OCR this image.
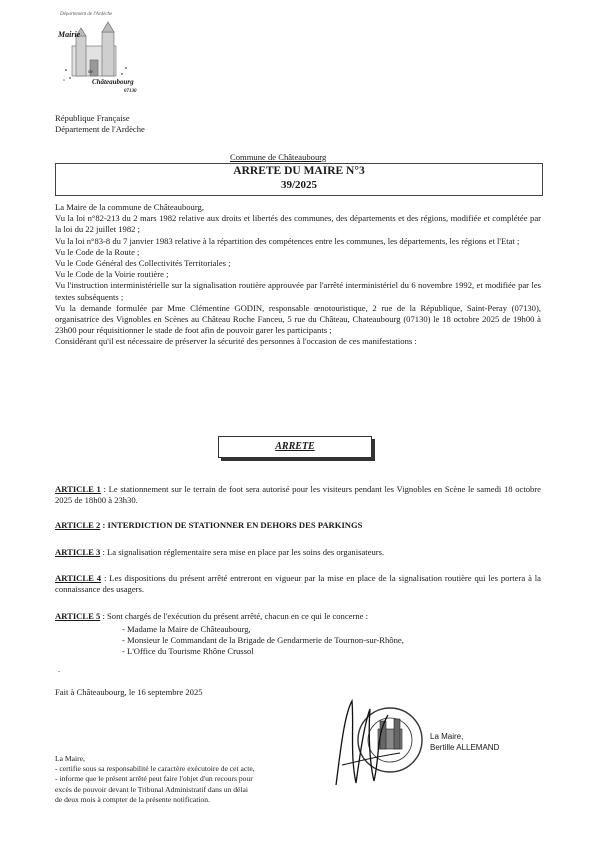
Département de l'Ardèche
Mairie
de
Châteaubourg
07130
République Française
Département de l'Ardèche
Commune de Châteaubourg
ARRETE DU MAIRE N°3
39/2025

La Maire de la commune de Châteaubourg,

Vu la loi n°82-213 du 2 mars 1982 relative aux droits et libertés des communes, des départements et des régions, modifiée et complétée par la loi du 22 juillet 1982 ;

Vu la loi n°83-8 du 7 janvier 1983 relative à la répartition des compétences entre les communes, les départements, les régions et l'Etat ;

Vu le Code de la Route ;

Vu le Code Général des Collectivités Territoriales ;

Vu le Code de la Voirie routière ;

Vu l'instruction interministérielle sur la signalisation routière approuvée par l'arrêté interministériel du 6 novembre 1992, et modifiée par les textes subséquents ;

Vu la demande formulée par Mme Clémentine GODIN, responsable œnotouristique, 2 rue de la République, Saint-Peray (07130), organisatrice des Vignobles en Scènes au Château Roche Fanceu, 5 rue du Château, Chateaubourg (07130) le 18 octobre 2025 de 19h00 à 23h00 pour réquisitionner le stade de foot afin de pouvoir garer les participants ;

Considérant qu'il est nécessaire de préserver la sécurité des personnes à l'occasion de ces manifestations :

ARRETE
ARTICLE 1 : Le stationnement sur le terrain de foot sera autorisé pour les visiteurs pendant les Vignobles en Scène le samedi 18 octobre 2025 de 18h00 à 23h30.
ARTICLE 2 : INTERDICTION DE STATIONNER EN DEHORS DES PARKINGS
ARTICLE 3 : La signalisation réglementaire sera mise en place par les soins des organisateurs.
ARTICLE 4 : Les dispositions du présent arrêté entreront en vigueur par la mise en place de la signalisation routière qui les portera à la connaissance des usagers.
ARTICLE 5 : Sont chargés de l'exécution du présent arrêté, chacun en ce qui le concerne :
- Madame la Maire de Châteaubourg,
- Monsieur le Commandant de la Brigade de Gendarmerie de Tournon-sur-Rhône,
- L'Office du Tourisme Rhône Crussol
.
Fait à Châteaubourg, le 16 septembre 2025
La Maire,
Bertille ALLEMAND
La Maire,
- certifie sous sa responsabilité le caractère exécutoire de cet acte,
- informe que le présent arrêté peut faire l'objet d'un recours pour
excès de pouvoir devant le Tribunal Administratif dans un délai
de deux mois à compter de la présente notification.
